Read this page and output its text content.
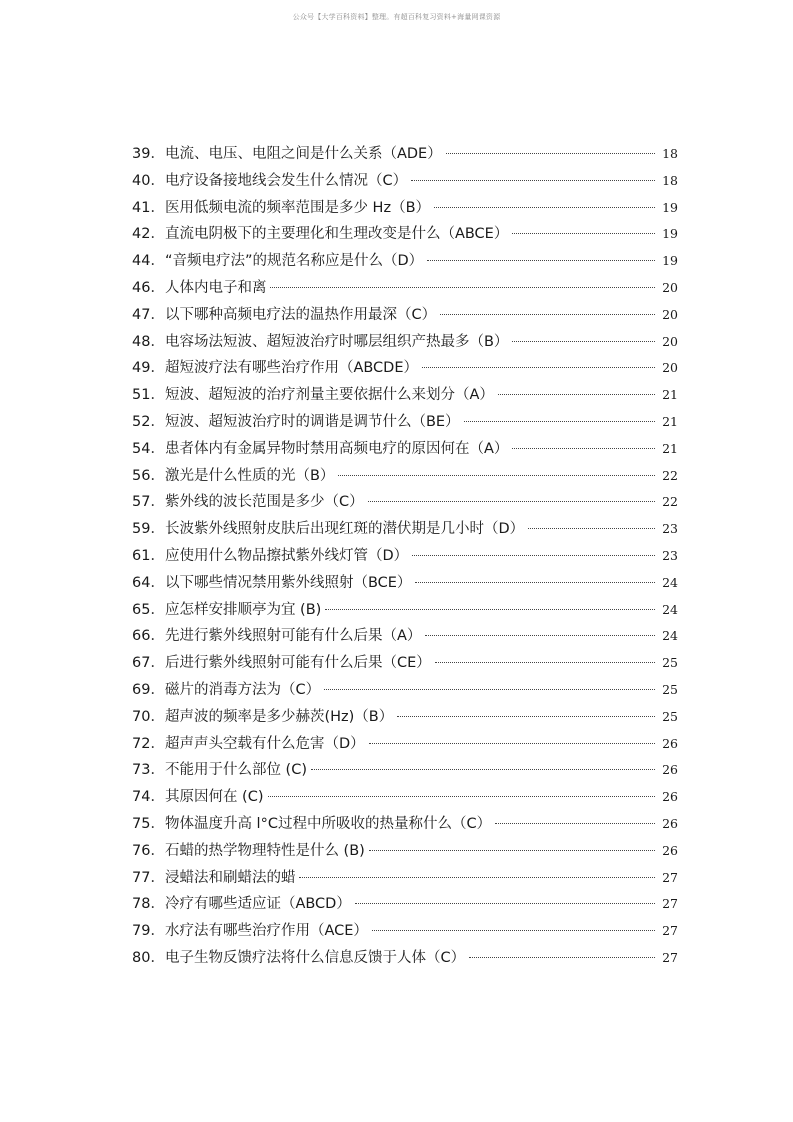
公众号【大学百科资料】整理。有超百科复习资料+海量网课资源
39．电流、电压、电阻之间是什么关系（ADE）	18
40．电疗设备接地线会发生什么情况（C）	18
41．医用低频电流的频率范围是多少 Hz（B）	19
42．直流电阴极下的主要理化和生理改变是什么（ABCE）	19
44．“音频电疗法”的规范名称应是什么（D）	19
46．人体内电子和离	20
47．以下哪种高频电疗法的温热作用最深（C）	20
48．电容场法短波、超短波治疗时哪层组织产热最多（B）	20
49．超短波疗法有哪些治疗作用（ABCDE）	20
51．短波、超短波的治疗剂量主要依据什么来划分（A）	21
52．短波、超短波治疗时的调谐是调节什么（BE）	21
54．患者体内有金属异物时禁用高频电疗的原因何在（A）	21
56．激光是什么性质的光（B）	22
57．紫外线的波长范围是多少（C）	22
59．长波紫外线照射皮肤后出现红斑的潜伏期是几小时（D）	23
61．应使用什么物品擦拭紫外线灯管（D）	23
64．以下哪些情况禁用紫外线照射（BCE）	24
65．应怎样安排顺亭为宜 (B)	24
66．先进行紫外线照射可能有什么后果（A）	24
67．后进行紫外线照射可能有什么后果（CE）	25
69．磁片的消毒方法为（C）	25
70．超声波的频率是多少赫茨(Hz)（B）	25
72．超声声头空载有什么危害（D）	26
73．不能用于什么部位 (C)	26
74．其原因何在 (C)	26
75．物体温度升高 l°C过程中所吸收的热量称什么（C）	26
76．石蜡的热学物理特性是什么 (B)	26
77．浸蜡法和刷蜡法的蜡	27
78．冷疗有哪些适应证（ABCD）	27
79．水疗法有哪些治疗作用（ACE）	27
80．电子生物反馈疗法将什么信息反馈于人体（C）	27
